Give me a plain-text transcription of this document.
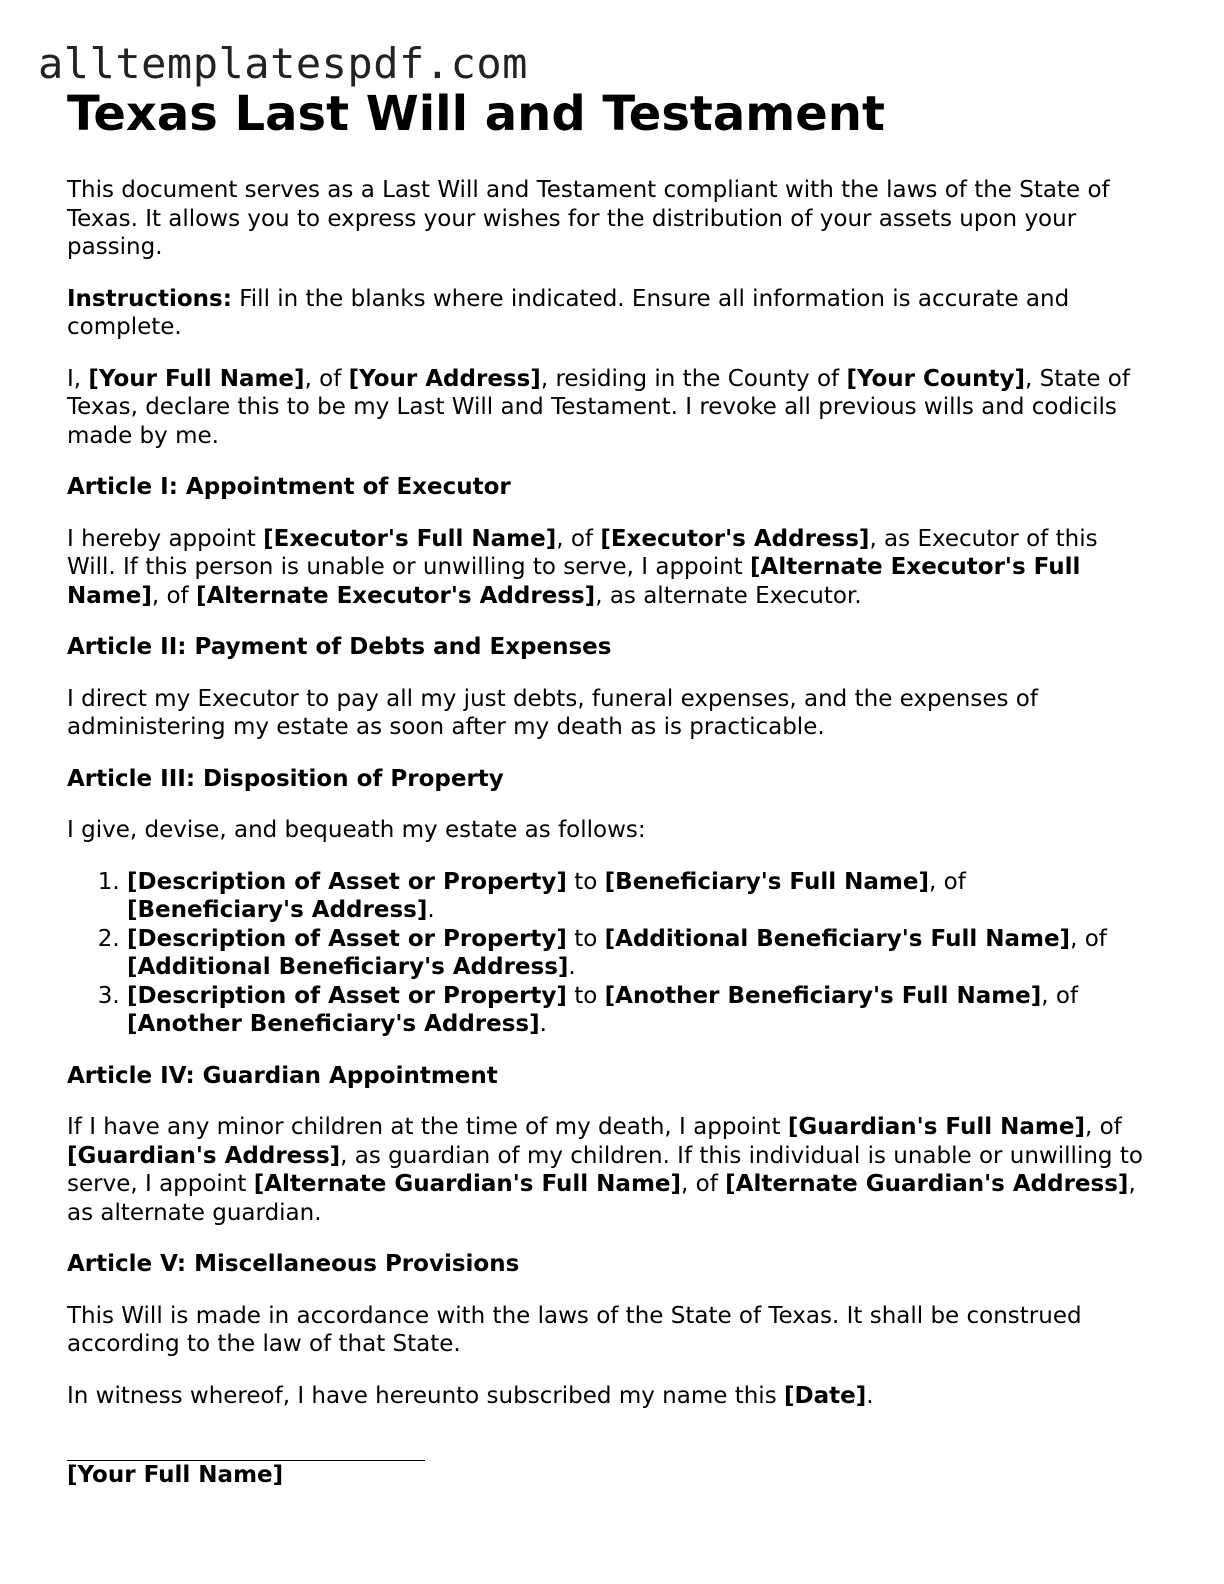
alltemplatespdf.com
Texas Last Will and Testament

This document serves as a Last Will and Testament compliant with the laws of the State of Texas. It allows you to express your wishes for the distribution of your assets upon your passing.

Instructions: Fill in the blanks where indicated. Ensure all information is accurate and complete.

I, [Your Full Name], of [Your Address], residing in the County of [Your County], State of Texas, declare this to be my Last Will and Testament. I revoke all previous wills and codicils made by me.

Article I: Appointment of Executor

I hereby appoint [Executor's Full Name], of [Executor's Address], as Executor of this Will. If this person is unable or unwilling to serve, I appoint [Alternate Executor's Full Name], of [Alternate Executor's Address], as alternate Executor.

Article II: Payment of Debts and Expenses

I direct my Executor to pay all my just debts, funeral expenses, and the expenses of administering my estate as soon after my death as is practicable.

Article III: Disposition of Property

I give, devise, and bequeath my estate as follows:

1. [Description of Asset or Property] to [Beneficiary's Full Name], of [Beneficiary's Address].
2. [Description of Asset or Property] to [Additional Beneficiary's Full Name], of [Additional Beneficiary's Address].
3. [Description of Asset or Property] to [Another Beneficiary's Full Name], of [Another Beneficiary's Address].
Article IV: Guardian Appointment

If I have any minor children at the time of my death, I appoint [Guardian's Full Name], of [Guardian's Address], as guardian of my children. If this individual is unable or unwilling to serve, I appoint [Alternate Guardian's Full Name], of [Alternate Guardian's Address], as alternate guardian.

Article V: Miscellaneous Provisions

This Will is made in accordance with the laws of the State of Texas. It shall be construed according to the law of that State.

In witness whereof, I have hereunto subscribed my name this [Date].

[Your Full Name]
